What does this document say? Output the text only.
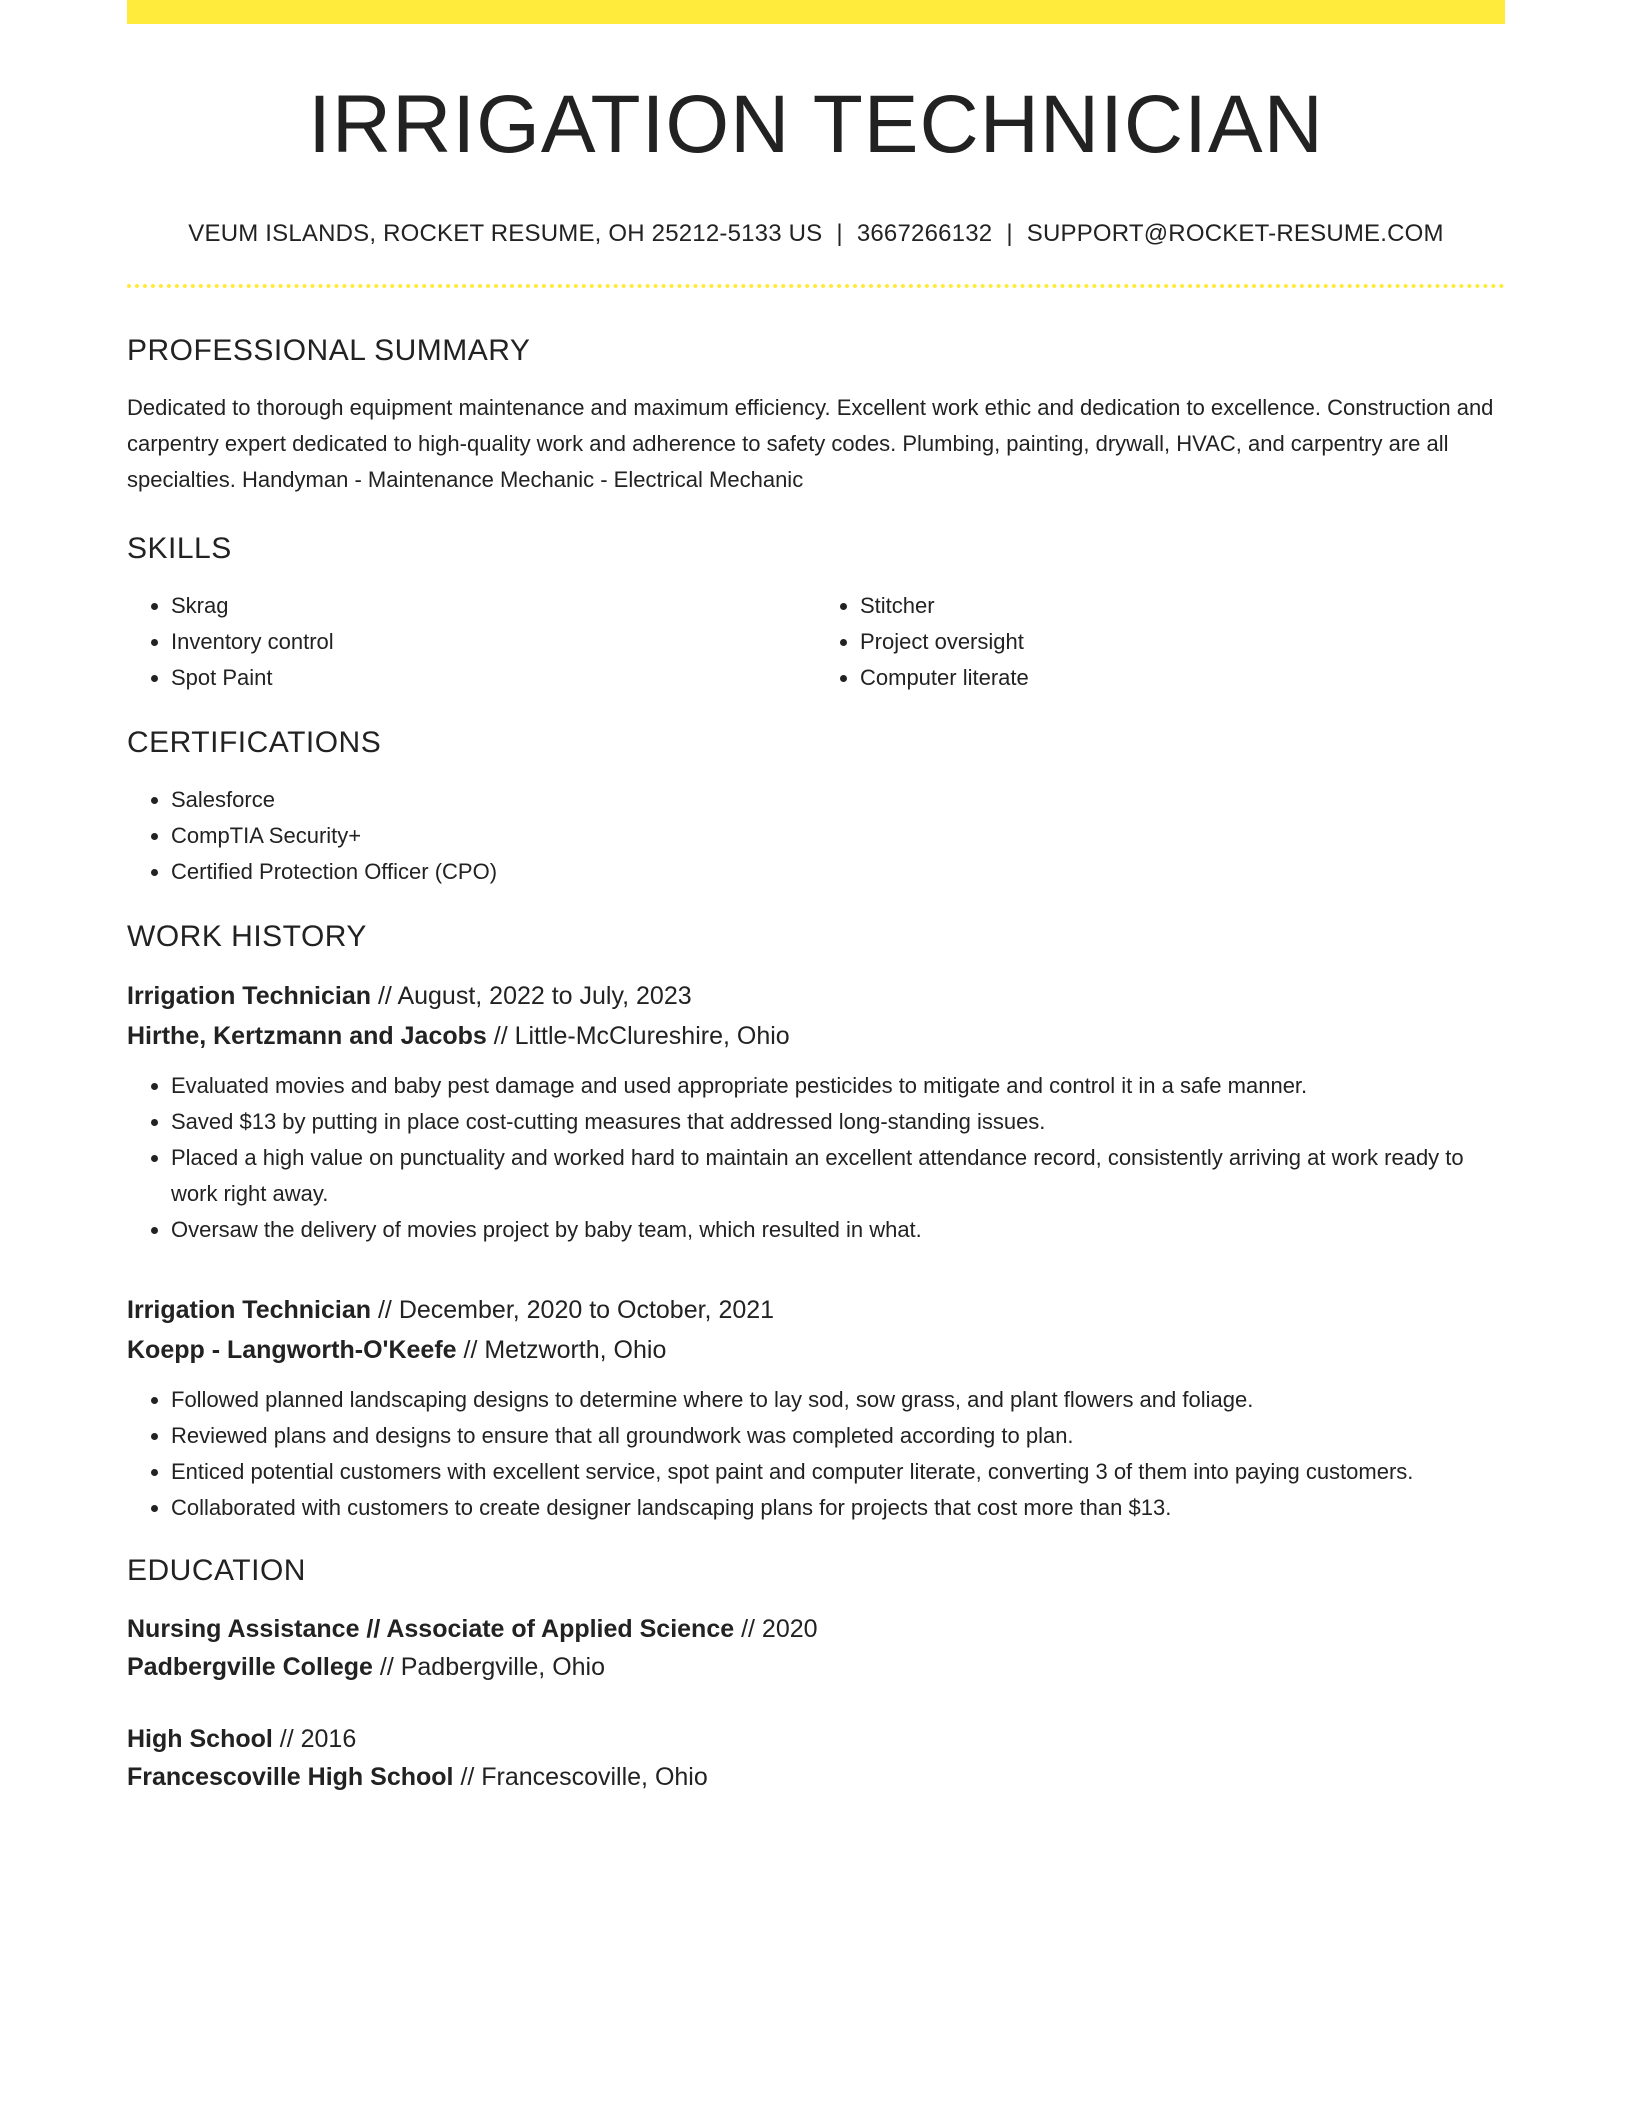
IRRIGATION TECHNICIAN
VEUM ISLANDS, ROCKET RESUME, OH 25212-5133 US | 3667266132 | SUPPORT@ROCKET-RESUME.COM
PROFESSIONAL SUMMARY
Dedicated to thorough equipment maintenance and maximum efficiency. Excellent work ethic and dedication to excellence. Construction and carpentry expert dedicated to high-quality work and adherence to safety codes. Plumbing, painting, drywall, HVAC, and carpentry are all specialties. Handyman - Maintenance Mechanic - Electrical Mechanic
SKILLS
• Skrag
• Inventory control
• Spot Paint
• Stitcher
• Project oversight
• Computer literate
CERTIFICATIONS
• Salesforce
• CompTIA Security+
• Certified Protection Officer (CPO)
WORK HISTORY
Irrigation Technician // August, 2022 to July, 2023
Hirthe, Kertzmann and Jacobs // Little-McClureshire, Ohio
• Evaluated movies and baby pest damage and used appropriate pesticides to mitigate and control it in a safe manner.
• Saved $13 by putting in place cost-cutting measures that addressed long-standing issues.
• Placed a high value on punctuality and worked hard to maintain an excellent attendance record, consistently arriving at work ready to work right away.
• Oversaw the delivery of movies project by baby team, which resulted in what.
Irrigation Technician // December, 2020 to October, 2021
Koepp - Langworth-O'Keefe // Metzworth, Ohio
• Followed planned landscaping designs to determine where to lay sod, sow grass, and plant flowers and foliage.
• Reviewed plans and designs to ensure that all groundwork was completed according to plan.
• Enticed potential customers with excellent service, spot paint and computer literate, converting 3 of them into paying customers.
• Collaborated with customers to create designer landscaping plans for projects that cost more than $13.
EDUCATION
Nursing Assistance // Associate of Applied Science // 2020
Padbergville College // Padbergville, Ohio
High School // 2016
Francescoville High School // Francescoville, Ohio
